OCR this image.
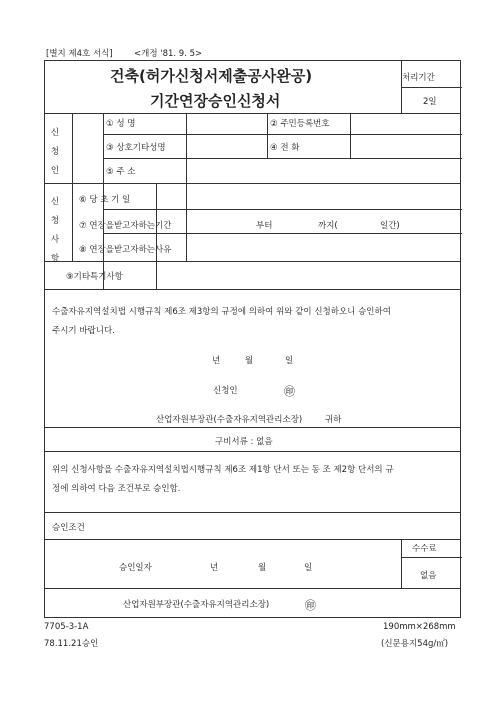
[별지 제4호 서식]	<개정 '81. 9. 5>
건축(허가신청서제출공사완공)
기간연장승인신청서
처리기간
2일
신
청
인
① 성 명	② 주민등록번호
③ 상호기타성명	④ 전 화
⑤ 주 소
신
청
사
항
⑥ 당 초 기 일
⑦ 연장을받고자하는기간	부터	까지(	일간)
⑧ 연장을받고자하는사유
⑨기타특기사항
수출자유지역설치법 시행규칙 제6조 제3항의 규정에 의하여 위와 같이 신청하오니 승인하여
주시기 바랍니다.
년	월	일
신청인	㊞
산업자원부장관(수출자유지역관리소장)	귀하
구비서류 : 없음
위의 신청사항을 수출자유지역설치법시행규칙 제6조 제1항 단서 또는 동 조 제2항 단서의 규
정에 의하여 다음 조건부로 승인함.
승인조건
승인일자	년	월	일
수수료
없음
산업자원부장관(수출자유지역관리소장)	㊞
7705-3-1A
78.11.21승인
190mm×268mm
(신문용지54g/㎡)
